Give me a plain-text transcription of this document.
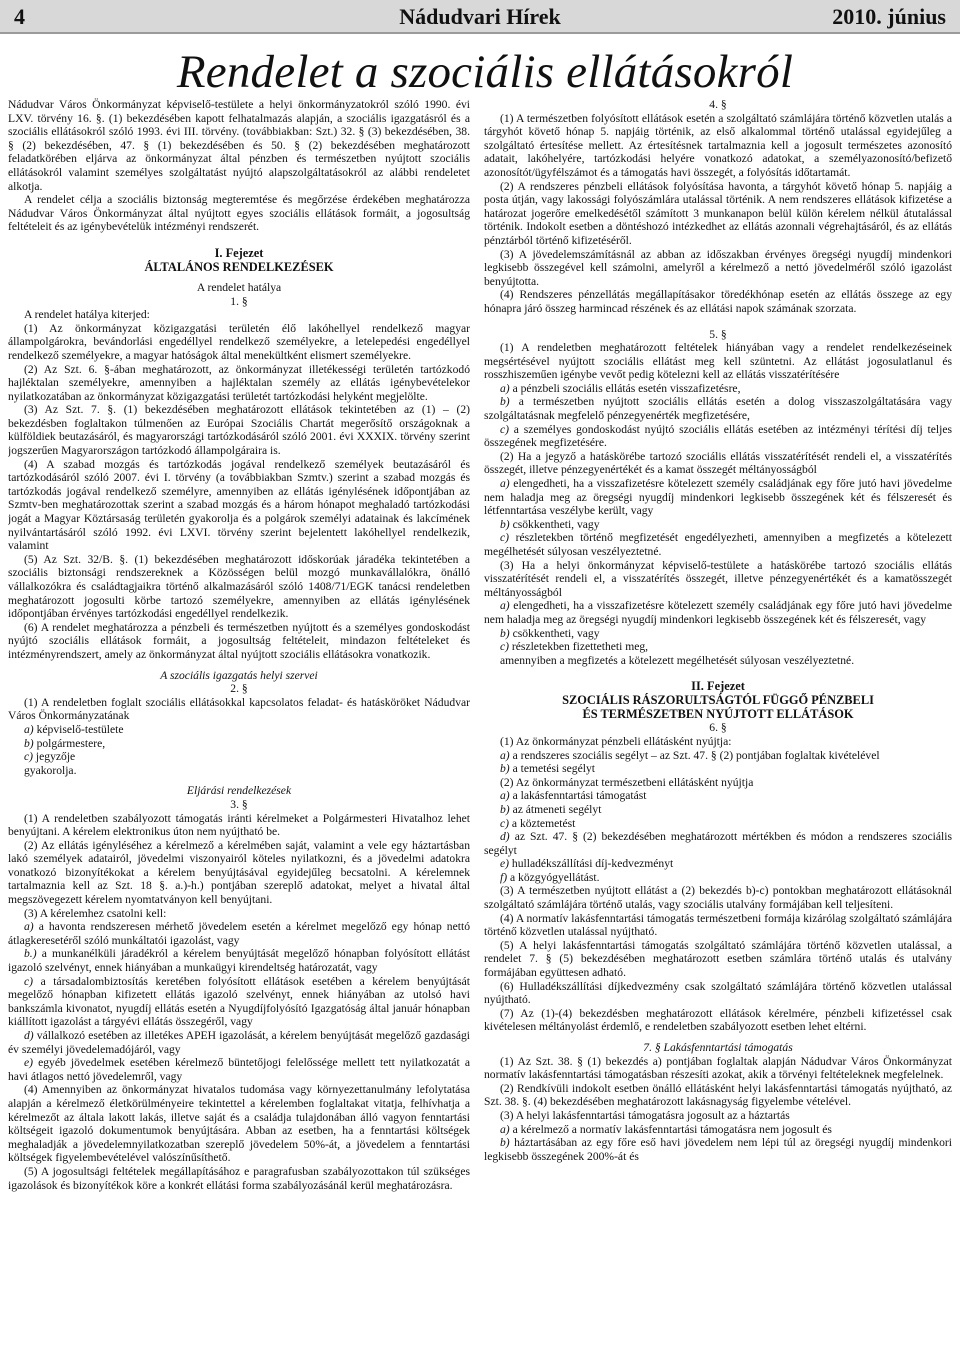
Nádudvari Hírek
4	2010. június
Rendelet a szociális ellátásokról

Nádudvar Város Önkormányzat képviselő-testülete a helyi önkormányzatokról szóló 1990. évi LXV. törvény 16. §. (1) bekezdésében kapott felhatalmazás alapján, a szociális igazgatásról és a szociális ellátásokról szóló 1993. évi III. törvény. (továbbiakban: Szt.) 32. § (3) bekezdésében, 38. § (2) bekezdésében, 47. § (1) bekezdésében és 50. § (2) bekezdésében meghatározott feladatkörében eljárva az önkormányzat által pénzben és természetben nyújtott szociális ellátásokról valamint személyes szolgáltatást nyújtó alapszolgáltatásokról az alábbi rendeletet alkotja.

A rendelet célja a szociális biztonság megteremtése és megőrzése érdekében meghatározza Nádudvar Város Önkormányzat által nyújtott egyes szociális ellátások formáit, a jogosultság feltételeit és az igénybevételük intézményi rendszerét.

I. Fejezet
ÁLTALÁNOS RENDELKEZÉSEK
A rendelet hatálya
1. §

A rendelet hatálya kiterjed:

(1) Az önkormányzat közigazgatási területén élő lakóhellyel rendelkező magyar állampolgárokra, bevándorlási engedéllyel rendelkező személyekre, a letelepedési engedéllyel rendelkező személyekre, a magyar hatóságok által menekültként elismert személyekre.

(2) Az Szt. 6. §-ában meghatározott, az önkormányzat illetékességi területén tartózkodó hajléktalan személyekre, amennyiben a hajléktalan személy az ellátás igénybevételekor nyilatkozatában az önkormányzat közigazgatási területét tartózkodási helyként megjelölte.

(3) Az Szt. 7. §. (1) bekezdésében meghatározott ellátások tekintetében az (1) – (2) bekezdésben foglaltakon túlmenően az Európai Szociális Chartát megerősítő országoknak a külföldiek beutazásáról, és magyarországi tartózkodásáról szóló 2001. évi XXXIX. törvény szerint jogszerűen Magyarországon tartózkodó állampolgáraira is.

(4) A szabad mozgás és tartózkodás jogával rendelkező személyek beutazásáról és tartózkodásáról szóló 2007. évi I. törvény (a továbbiakban Szmtv.) szerint a szabad mozgás és tartózkodás jogával rendelkező személyre, amennyiben az ellátás igénylésének időpontjában az Szmtv-ben meghatározottak szerint a szabad mozgás és a három hónapot meghaladó tartózkodási jogát a Magyar Köztársaság területén gyakorolja és a polgárok személyi adatainak és lakcímének nyilvántartásáról szóló 1992. évi LXVI. törvény szerint bejelentett lakóhellyel rendelkezik, valamint

(5) Az Szt. 32/B. §. (1) bekezdésében meghatározott időskorúak járadéka tekintetében a szociális biztonsági rendszereknek a Közösségen belül mozgó munkavállalókra, önálló vállalkozókra és családtagjaikra történő alkalmazásáról szóló 1408/71/EGK tanácsi rendeletben meghatározott jogosulti körbe tartozó személyekre, amennyiben az ellátás igénylésének időpontjában érvényes tartózkodási engedéllyel rendelkezik.

(6) A rendelet meghatározza a pénzbeli és természetben nyújtott és a személyes gondoskodást nyújtó szociális ellátások formáit, a jogosultság feltételeit, mindazon feltételeket és intézményrendszert, amely az önkormányzat által nyújtott szociális ellátásokra vonatkozik.

A szociális igazgatás helyi szervei
2. §

(1) A rendeletben foglalt szociális ellátásokkal kapcsolatos feladat- és hatásköröket Nádudvar Város Önkormányzatának

a) képviselő-testülete

b) polgármestere,

c) jegyzője

gyakorolja.

Eljárási rendelkezések
3. §

(1) A rendeletben szabályozott támogatás iránti kérelmeket a Polgármesteri Hivatalhoz lehet benyújtani. A kérelem elektronikus úton nem nyújtható be.

(2) Az ellátás igényléséhez a kérelmező a kérelmében saját, valamint a vele egy háztartásban lakó személyek adatairól, jövedelmi viszonyairól köteles nyilatkozni, és a jövedelmi adatokra vonatkozó bizonyítékokat a kérelem benyújtásával egyidejűleg becsatolni. A kérelemnek tartalmaznia kell az Szt. 18 §. a.)-h.) pontjában szereplő adatokat, melyet a hivatal által megszövegezett kérelem nyomtatványon kell benyújtani.

(3) A kérelemhez csatolni kell:

a) a havonta rendszeresen mérhető jövedelem esetén a kérelmet megelőző egy hónap nettó átlagkeresetéről szóló munkáltatói igazolást, vagy

b.) a munkanélküli járadékról a kérelem benyújtását megelőző hónapban folyósított ellátást igazoló szelvényt, ennek hiányában a munkaügyi kirendeltség határozatát, vagy

c) a társadalombiztosítás keretében folyósított ellátások esetében a kérelem benyújtását megelőző hónapban kifizetett ellátás igazoló szelvényt, ennek hiányában az utolsó havi bankszámla kivonatot, nyugdíj ellátás esetén a Nyugdíjfolyósító Igazgatóság által január hónapban kiállított igazolást a tárgyévi ellátás összegéről, vagy

d) vállalkozó esetében az illetékes APEH igazolását, a kérelem benyújtását megelőző gazdasági év személyi jövedelemadójáról, vagy

e) egyéb jövedelmek esetében kérelmező büntetőjogi felelőssége mellett tett nyilatkozatát a havi átlagos nettó jövedelemről, vagy

(4) Amennyiben az önkormányzat hivatalos tudomása vagy környezettanulmány lefolytatása alapján a kérelmező életkörülményeire tekintettel a kérelemben foglaltakat vitatja, felhívhatja a kérelmezőt az általa lakott lakás, illetve saját és a családja tulajdonában álló vagyon fenntartási költségeit igazoló dokumentumok benyújtására. Abban az esetben, ha a fenntartási költségek meghaladják a jövedelemnyilatkozatban szereplő jövedelem 50%-át, a jövedelem a fenntartási költségek figyelembevételével valószínűsíthető.

(5) A jogosultsági feltételek megállapításához e paragrafusban szabályozottakon túl szükséges igazolások és bizonyítékok köre a konkrét ellátási forma szabályozásánál kerül meghatározásra.

4. §

(1) A természetben folyósított ellátások esetén a szolgáltató számlájára történő közvetlen utalás a tárgyhót követő hónap 5. napjáig történik, az első alkalommal történő utalással egyidejűleg a szolgáltató értesítése mellett. Az értesítésnek tartalmaznia kell a jogosult természetes azonosító adatait, lakóhelyére, tartózkodási helyére vonatkozó adatokat, a személyazonosító/befizető azonosítót/ügyfélszámot és a támogatás havi összegét, a folyósítás időtartamát.

(2) A rendszeres pénzbeli ellátások folyósítása havonta, a tárgyhót követő hónap 5. napjáig a posta útján, vagy lakossági folyószámlára utalással történik. A nem rendszeres ellátások kifizetése a határozat jogerőre emelkedésétől számított 3 munkanapon belül külön kérelem nélkül átutalással történik. Indokolt esetben a döntéshozó intézkedhet az ellátás azonnali végrehajtásáról, és az ellátás pénztárból történő kifizetéséről.

(3) A jövedelemszámításnál az abban az időszakban érvényes öregségi nyugdíj mindenkori legkisebb összegével kell számolni, amelyről a kérelmező a nettó jövedelméről szóló igazolást benyújtotta.

(4) Rendszeres pénzellátás megállapításakor töredékhónap esetén az ellátás összege az egy hónapra járó összeg harmincad részének és az ellátási napok számának szorzata.

5. §

(1) A rendeletben meghatározott feltételek hiányában vagy a rendelet rendelkezéseinek megsértésével nyújtott szociális ellátást meg kell szüntetni. Az ellátást jogosulatlanul és rosszhiszeműen igénybe vevőt pedig kötelezni kell az ellátás visszatérítésére

a) a pénzbeli szociális ellátás esetén visszafizetésre,

b) a természetben nyújtott szociális ellátás esetén a dolog visszaszolgáltatására vagy szolgáltatásnak megfelelő pénzegyenérték megfizetésére,

c) a személyes gondoskodást nyújtó szociális ellátás esetében az intézményi térítési díj teljes összegének megfizetésére.

(2) Ha a jegyző a hatáskörébe tartozó szociális ellátás visszatérítését rendeli el, a visszatérítés összegét, illetve pénzegyenértékét és a kamat összegét méltányosságból

a) elengedheti, ha a visszafizetésre kötelezett személy családjának egy főre jutó havi jövedelme nem haladja meg az öregségi nyugdíj mindenkori legkisebb összegének két és félszeresét és létfenntartása veszélybe került, vagy

b) csökkentheti, vagy

c) részletekben történő megfizetését engedélyezheti, amennyiben a megfizetés a kötelezett megélhetését súlyosan veszélyeztetné.

(3) Ha a helyi önkormányzat képviselő-testülete a hatáskörébe tartozó szociális ellátás visszatérítését rendeli el, a visszatérítés összegét, illetve pénzegyenértékét és a kamatösszegét méltányosságból

a) elengedheti, ha a visszafizetésre kötelezett személy családjának egy főre jutó havi jövedelme nem haladja meg az öregségi nyugdíj mindenkori legkisebb összegének két és félszeresét, vagy

b) csökkentheti, vagy

c) részletekben fizettetheti meg,

amennyiben a megfizetés a kötelezett megélhetését súlyosan veszélyeztetné.

II. Fejezet
SZOCIÁLIS RÁSZORULTSÁGTÓL FÜGGŐ PÉNZBELI
ÉS TERMÉSZETBEN NYÚJTOTT ELLÁTÁSOK
6. §

(1) Az önkormányzat pénzbeli ellátásként nyújtja:

a) a rendszeres szociális segélyt – az Szt. 47. § (2) pontjában foglaltak kivételével

b) a temetési segélyt

(2) Az önkormányzat természetbeni ellátásként nyújtja

a) a lakásfenntartási támogatást

b) az átmeneti segélyt

c) a köztemetést

d) az Szt. 47. § (2) bekezdésében meghatározott mértékben és módon a rendszeres szociális segélyt

e) hulladékszállítási díj-kedvezményt

f) a közgyógyellátást.

(3) A természetben nyújtott ellátást a (2) bekezdés b)-c) pontokban meghatározott ellátásoknál szolgáltató számlájára történő utalás, vagy szociális utalvány formájában kell teljesíteni.

(4) A normatív lakásfenntartási támogatás természetbeni formája kizárólag szolgáltató számlájára történő közvetlen utalással nyújtható.

(5) A helyi lakásfenntartási támogatás szolgáltató számlájára történő közvetlen utalással, a rendelet 7. § (5) bekezdésében meghatározott esetben számlára történő utalás és utalvány formájában együttesen adható.

(6) Hulladékszállítási díjkedvezmény csak szolgáltató számlájára történő közvetlen utalással nyújtható.

(7) Az (1)-(4) bekezdésben meghatározott ellátások kérelmére, pénzbeli kifizetéssel csak kivételesen méltányolást érdemlő, e rendeletben szabályozott esetben lehet eltérni.

7. § Lakásfenntartási támogatás

(1) Az Szt. 38. § (1) bekezdés a) pontjában foglaltak alapján Nádudvar Város Önkormányzat normatív lakásfenntartási támogatásban részesíti azokat, akik a törvényi feltételeknek megfelelnek.

(2) Rendkívüli indokolt esetben önálló ellátásként helyi lakásfenntartási támogatás nyújtható, az Szt. 38. §. (4) bekezdésében meghatározott lakásnagyság figyelembe vételével.

(3) A helyi lakásfenntartási támogatásra jogosult az a háztartás

a) a kérelmező a normatív lakásfenntartási támogatásra nem jogosult és

b) háztartásában az egy főre eső havi jövedelem nem lépi túl az öregségi nyugdíj mindenkori legkisebb összegének 200%-át és
